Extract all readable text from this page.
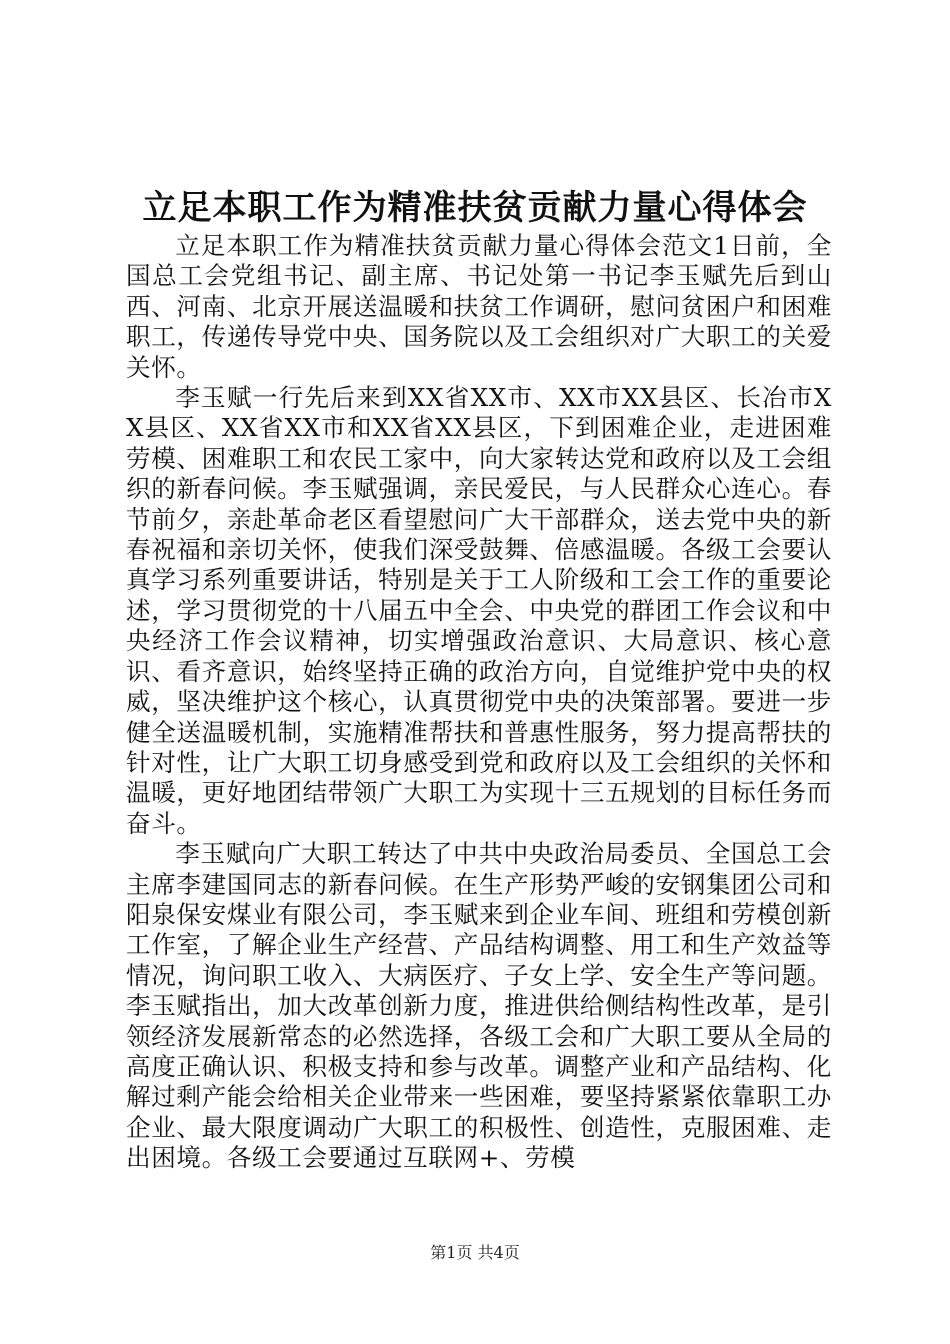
立足本职工作为精准扶贫贡献力量心得体会

立足本职工作为精准扶贫贡献力量心得体会范文1日前，全国总工会党组书记、副主席、书记处第一书记李玉赋先后到山西、河南、北京开展送温暖和扶贫工作调研，慰问贫困户和困难职工，传递传导党中央、国务院以及工会组织对广大职工的关爱关怀。

李玉赋一行先后来到XX省XX市、XX市XX县区、长冶市XX县区、XX省XX市和XX省XX县区，下到困难企业，走进困难劳模、困难职工和农民工家中，向大家转达党和政府以及工会组织的新春问候。李玉赋强调，亲民爱民，与人民群众心连心。春节前夕，亲赴革命老区看望慰问广大干部群众，送去党中央的新春祝福和亲切关怀，使我们深受鼓舞、倍感温暖。各级工会要认真学习系列重要讲话，特别是关于工人阶级和工会工作的重要论述，学习贯彻党的十八届五中全会、中央党的群团工作会议和中央经济工作会议精神，切实增强政治意识、大局意识、核心意识、看齐意识，始终坚持正确的政治方向，自觉维护党中央的权威，坚决维护这个核心，认真贯彻党中央的决策部署。要进一步健全送温暖机制，实施精准帮扶和普惠性服务，努力提高帮扶的针对性，让广大职工切身感受到党和政府以及工会组织的关怀和温暖，更好地团结带领广大职工为实现十三五规划的目标任务而奋斗。

李玉赋向广大职工转达了中共中央政治局委员、全国总工会主席李建国同志的新春问候。在生产形势严峻的安钢集团公司和阳泉保安煤业有限公司，李玉赋来到企业车间、班组和劳模创新工作室，了解企业生产经营、产品结构调整、用工和生产效益等情况，询问职工收入、大病医疗、子女上学、安全生产等问题。李玉赋指出，加大改革创新力度，推进供给侧结构性改革，是引领经济发展新常态的必然选择，各级工会和广大职工要从全局的高度正确认识、积极支持和参与改革。调整产业和产品结构、化解过剩产能会给相关企业带来一些困难，要坚持紧紧依靠职工办企业、最大限度调动广大职工的积极性、创造性，克服困难、走出困境。各级工会要通过互联网+、劳模

第1页 共4页
